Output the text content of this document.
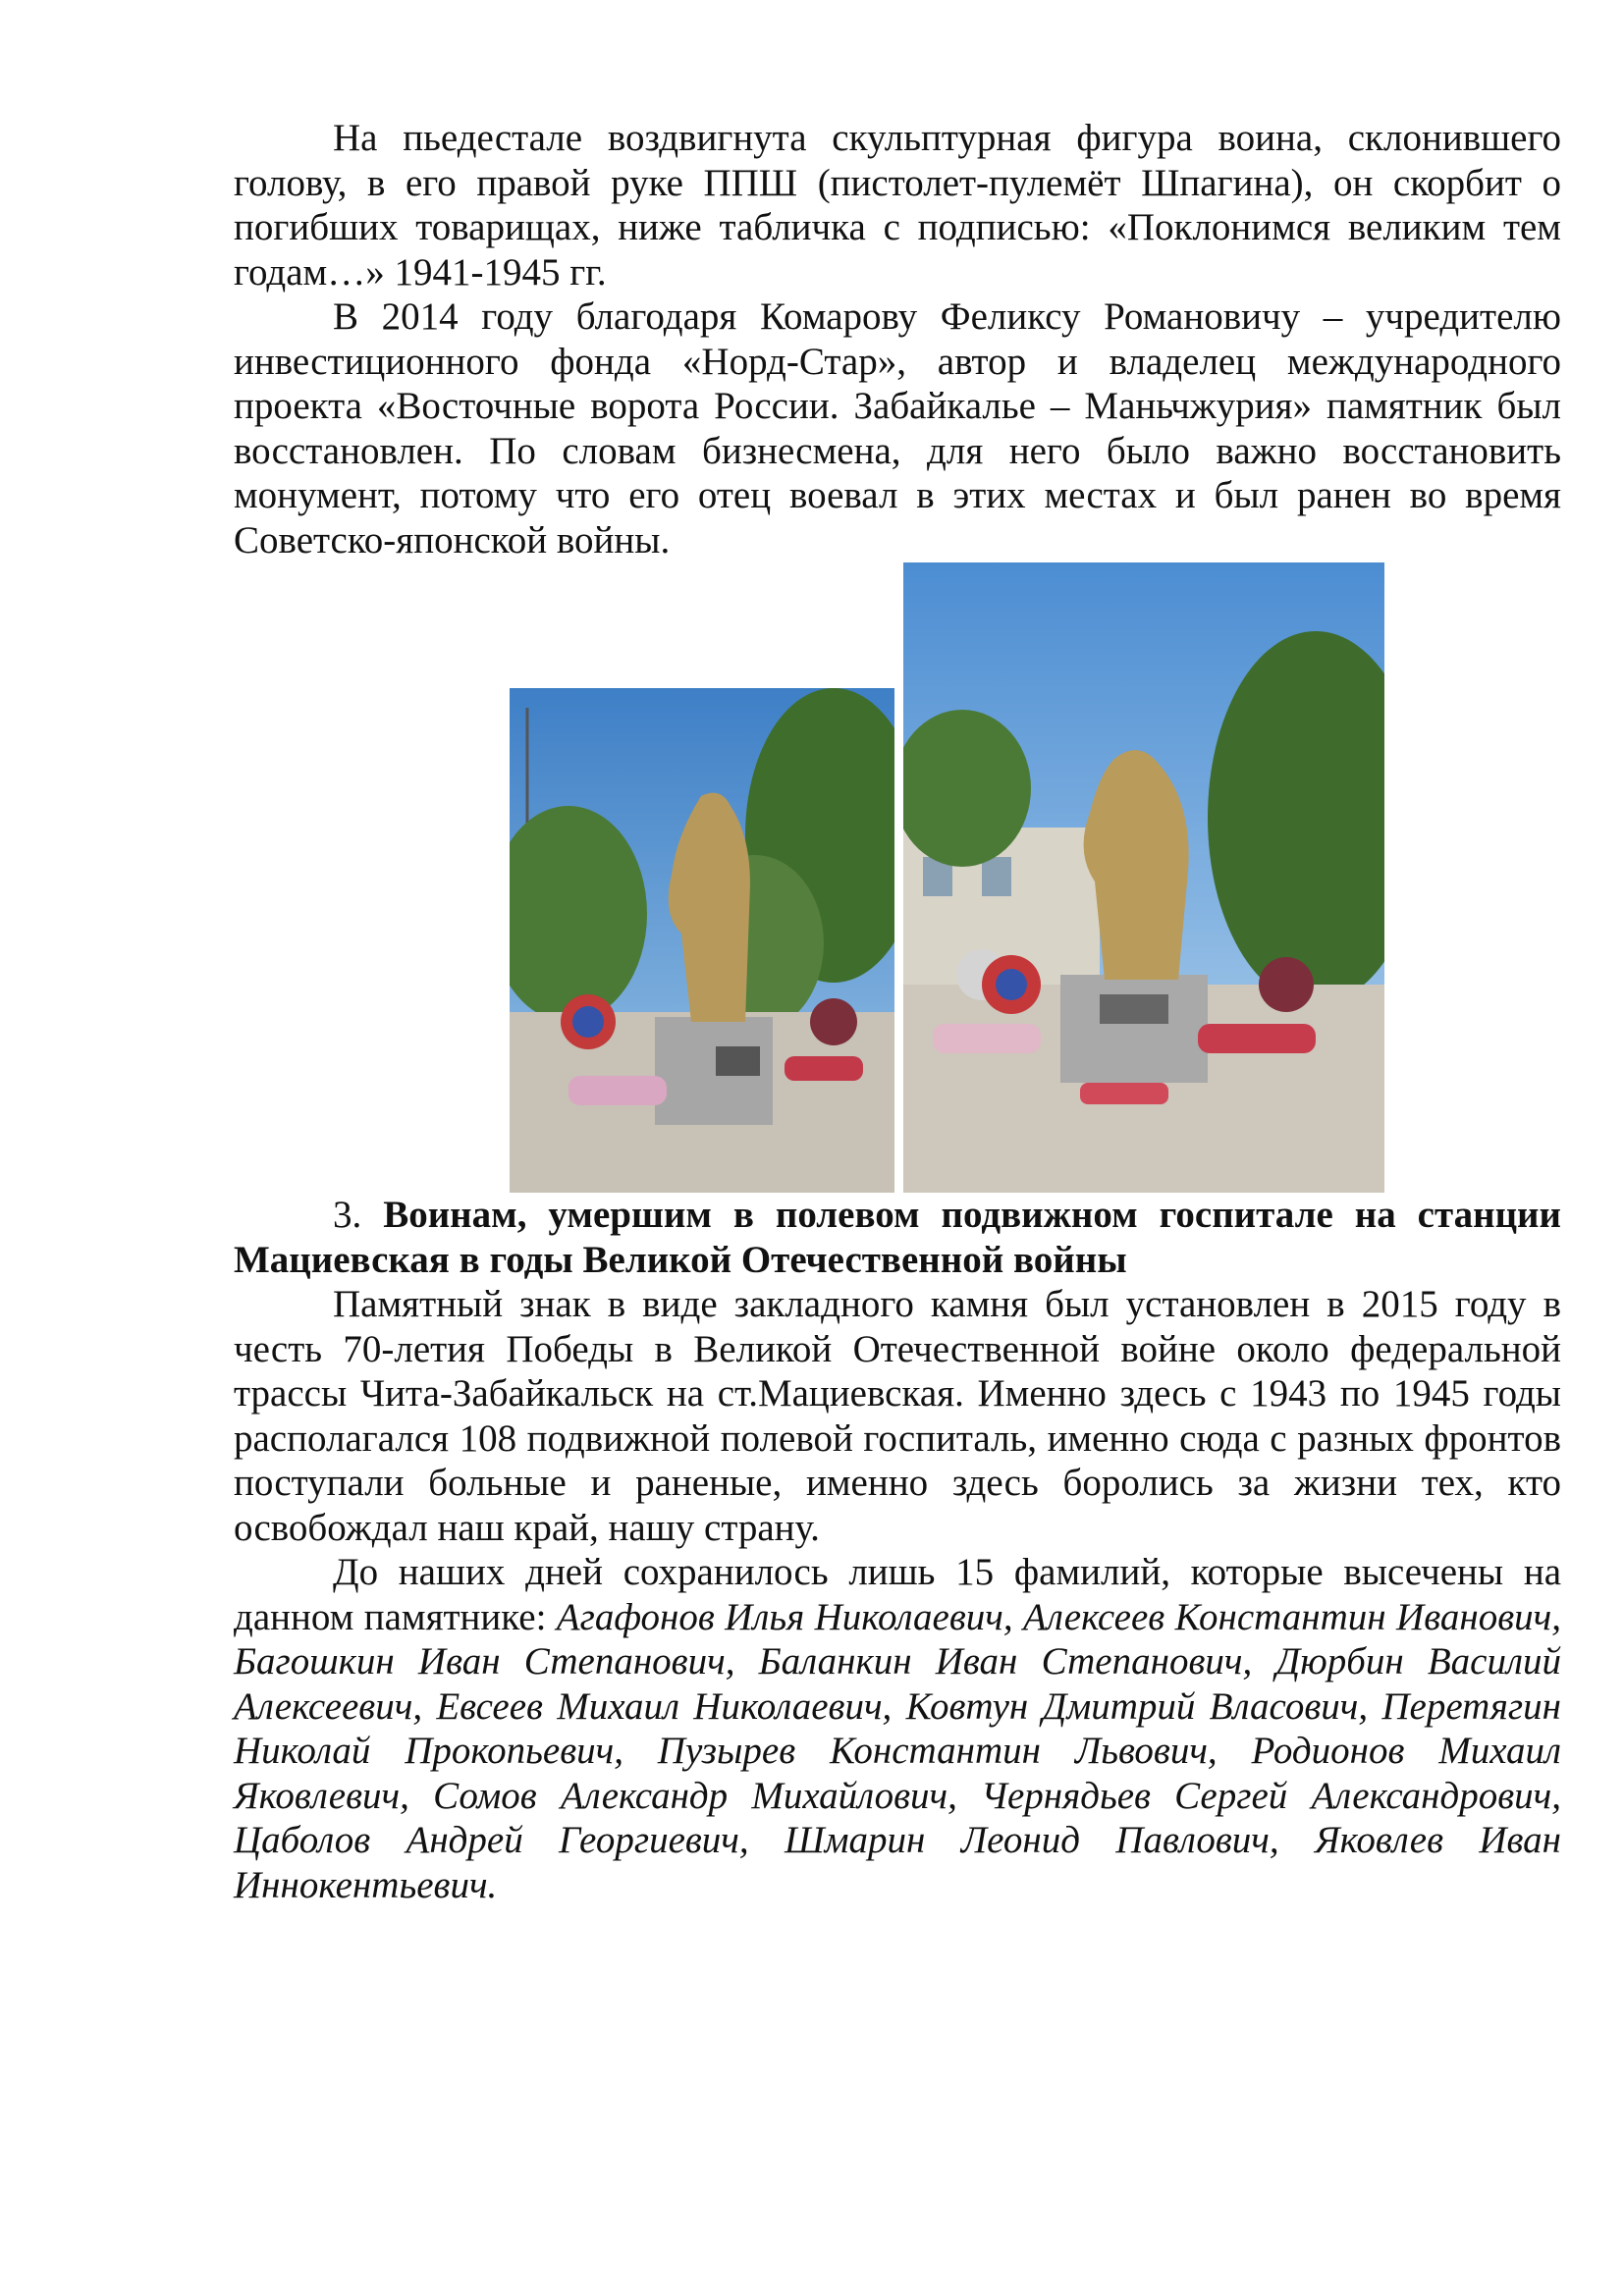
На пьедестале воздвигнута скульптурная фигура воина, склонившего голову, в его правой руке ППШ (пистолет-пулемёт Шпагина), он скорбит о погибших товарищах, ниже табличка с подписью: «Поклонимся великим тем годам…» 1941-1945 гг.

В 2014 году благодаря Комарову Феликсу Романовичу – учредителю инвестиционного фонда «Норд-Стар», автор и владелец международного проекта «Восточные ворота России. Забайкалье – Маньчжурия» памятник был восстановлен. По словам бизнесмена, для него было важно восстановить монумент, потому что его отец воевал в этих местах и был ранен во время Советско-японской войны.

3. Воинам, умершим в полевом подвижном госпитале на станции Мациевская в годы Великой Отечественной войны

Памятный знак в виде закладного камня был установлен в 2015 году в честь 70-летия Победы в Великой Отечественной войне около федеральной трассы Чита-Забайкальск на ст.Мациевская. Именно здесь с 1943 по 1945 годы располагался 108 подвижной полевой госпиталь, именно сюда с разных фронтов поступали больные и раненые, именно здесь боролись за жизни тех, кто освобождал наш край, нашу страну.

До наших дней сохранилось лишь 15 фамилий, которые высечены на данном памятнике: Агафонов Илья Николаевич, Алексеев Константин Иванович, Багошкин Иван Степанович, Баланкин Иван Степанович, Дюрбин Василий Алексеевич, Евсеев Михаил Николаевич, Ковтун Дмитрий Власович, Перетягин Николай Прокопьевич, Пузырев Константин Львович, Родионов Михаил Яковлевич, Сомов Александр Михайлович, Чернядьев Сергей Александрович, Цаболов Андрей Георгиевич, Шмарин Леонид Павлович, Яковлев Иван Иннокентьевич.
